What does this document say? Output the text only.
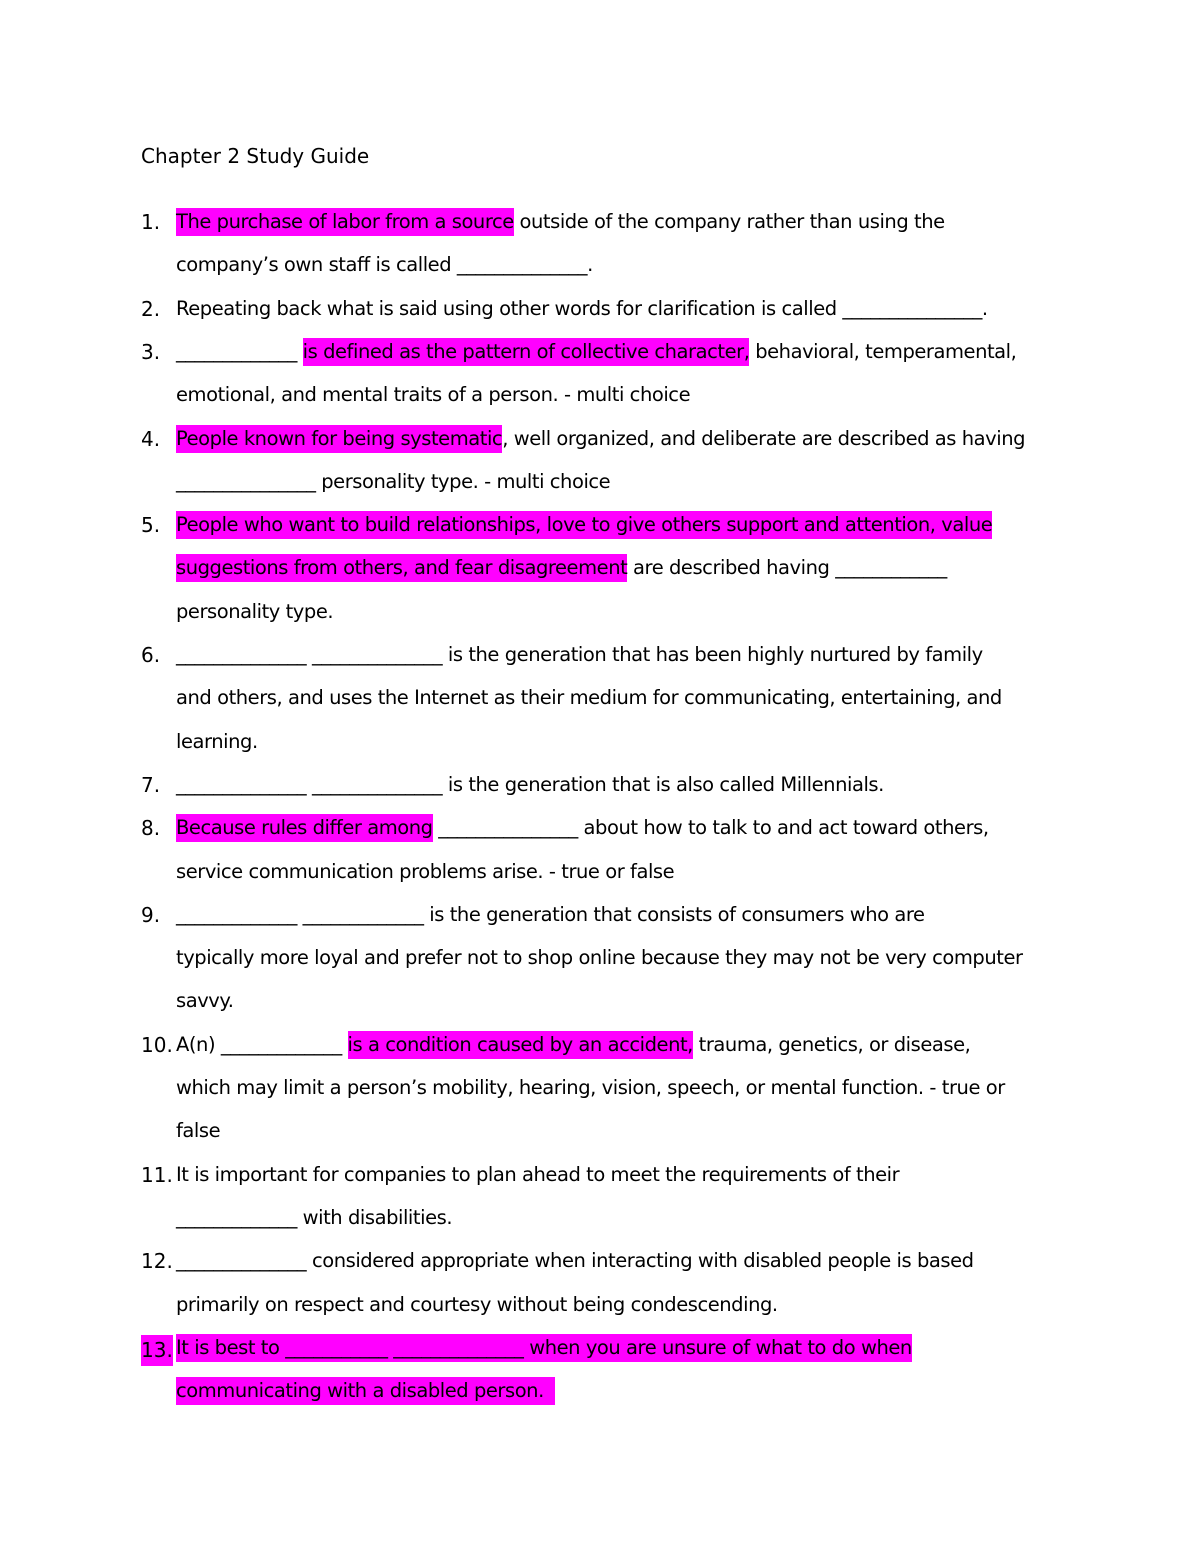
Chapter 2 Study Guide
1. The purchase of labor from a source outside of the company rather than using the
company’s own staff is called ______________.
2. Repeating back what is said using other words for clarification is called _______________.
3. _____________ is defined as the pattern of collective character, behavioral, temperamental,
emotional, and mental traits of a person. - multi choice
4. People known for being systematic, well organized, and deliberate are described as having
_______________ personality type. - multi choice
5. People who want to build relationships, love to give others support and attention, value
suggestions from others, and fear disagreement are described having ____________
personality type.
6. ______________ ______________ is the generation that has been highly nurtured by family
and others, and uses the Internet as their medium for communicating, entertaining, and
learning.
7. ______________ ______________ is the generation that is also called Millennials.
8. Because rules differ among _______________ about how to talk to and act toward others,
service communication problems arise. - true or false
9. _____________ _____________ is the generation that consists of consumers who are
typically more loyal and prefer not to shop online because they may not be very computer
savvy.
10. A(n) _____________ is a condition caused by an accident, trauma, genetics, or disease,
which may limit a person’s mobility, hearing, vision, speech, or mental function. - true or
false
11. It is important for companies to plan ahead to meet the requirements of their
_____________ with disabilities.
12. ______________ considered appropriate when interacting with disabled people is based
primarily on respect and courtesy without being condescending.
13. It is best to ___________ ______________ when you are unsure of what to do when
communicating with a disabled person.
